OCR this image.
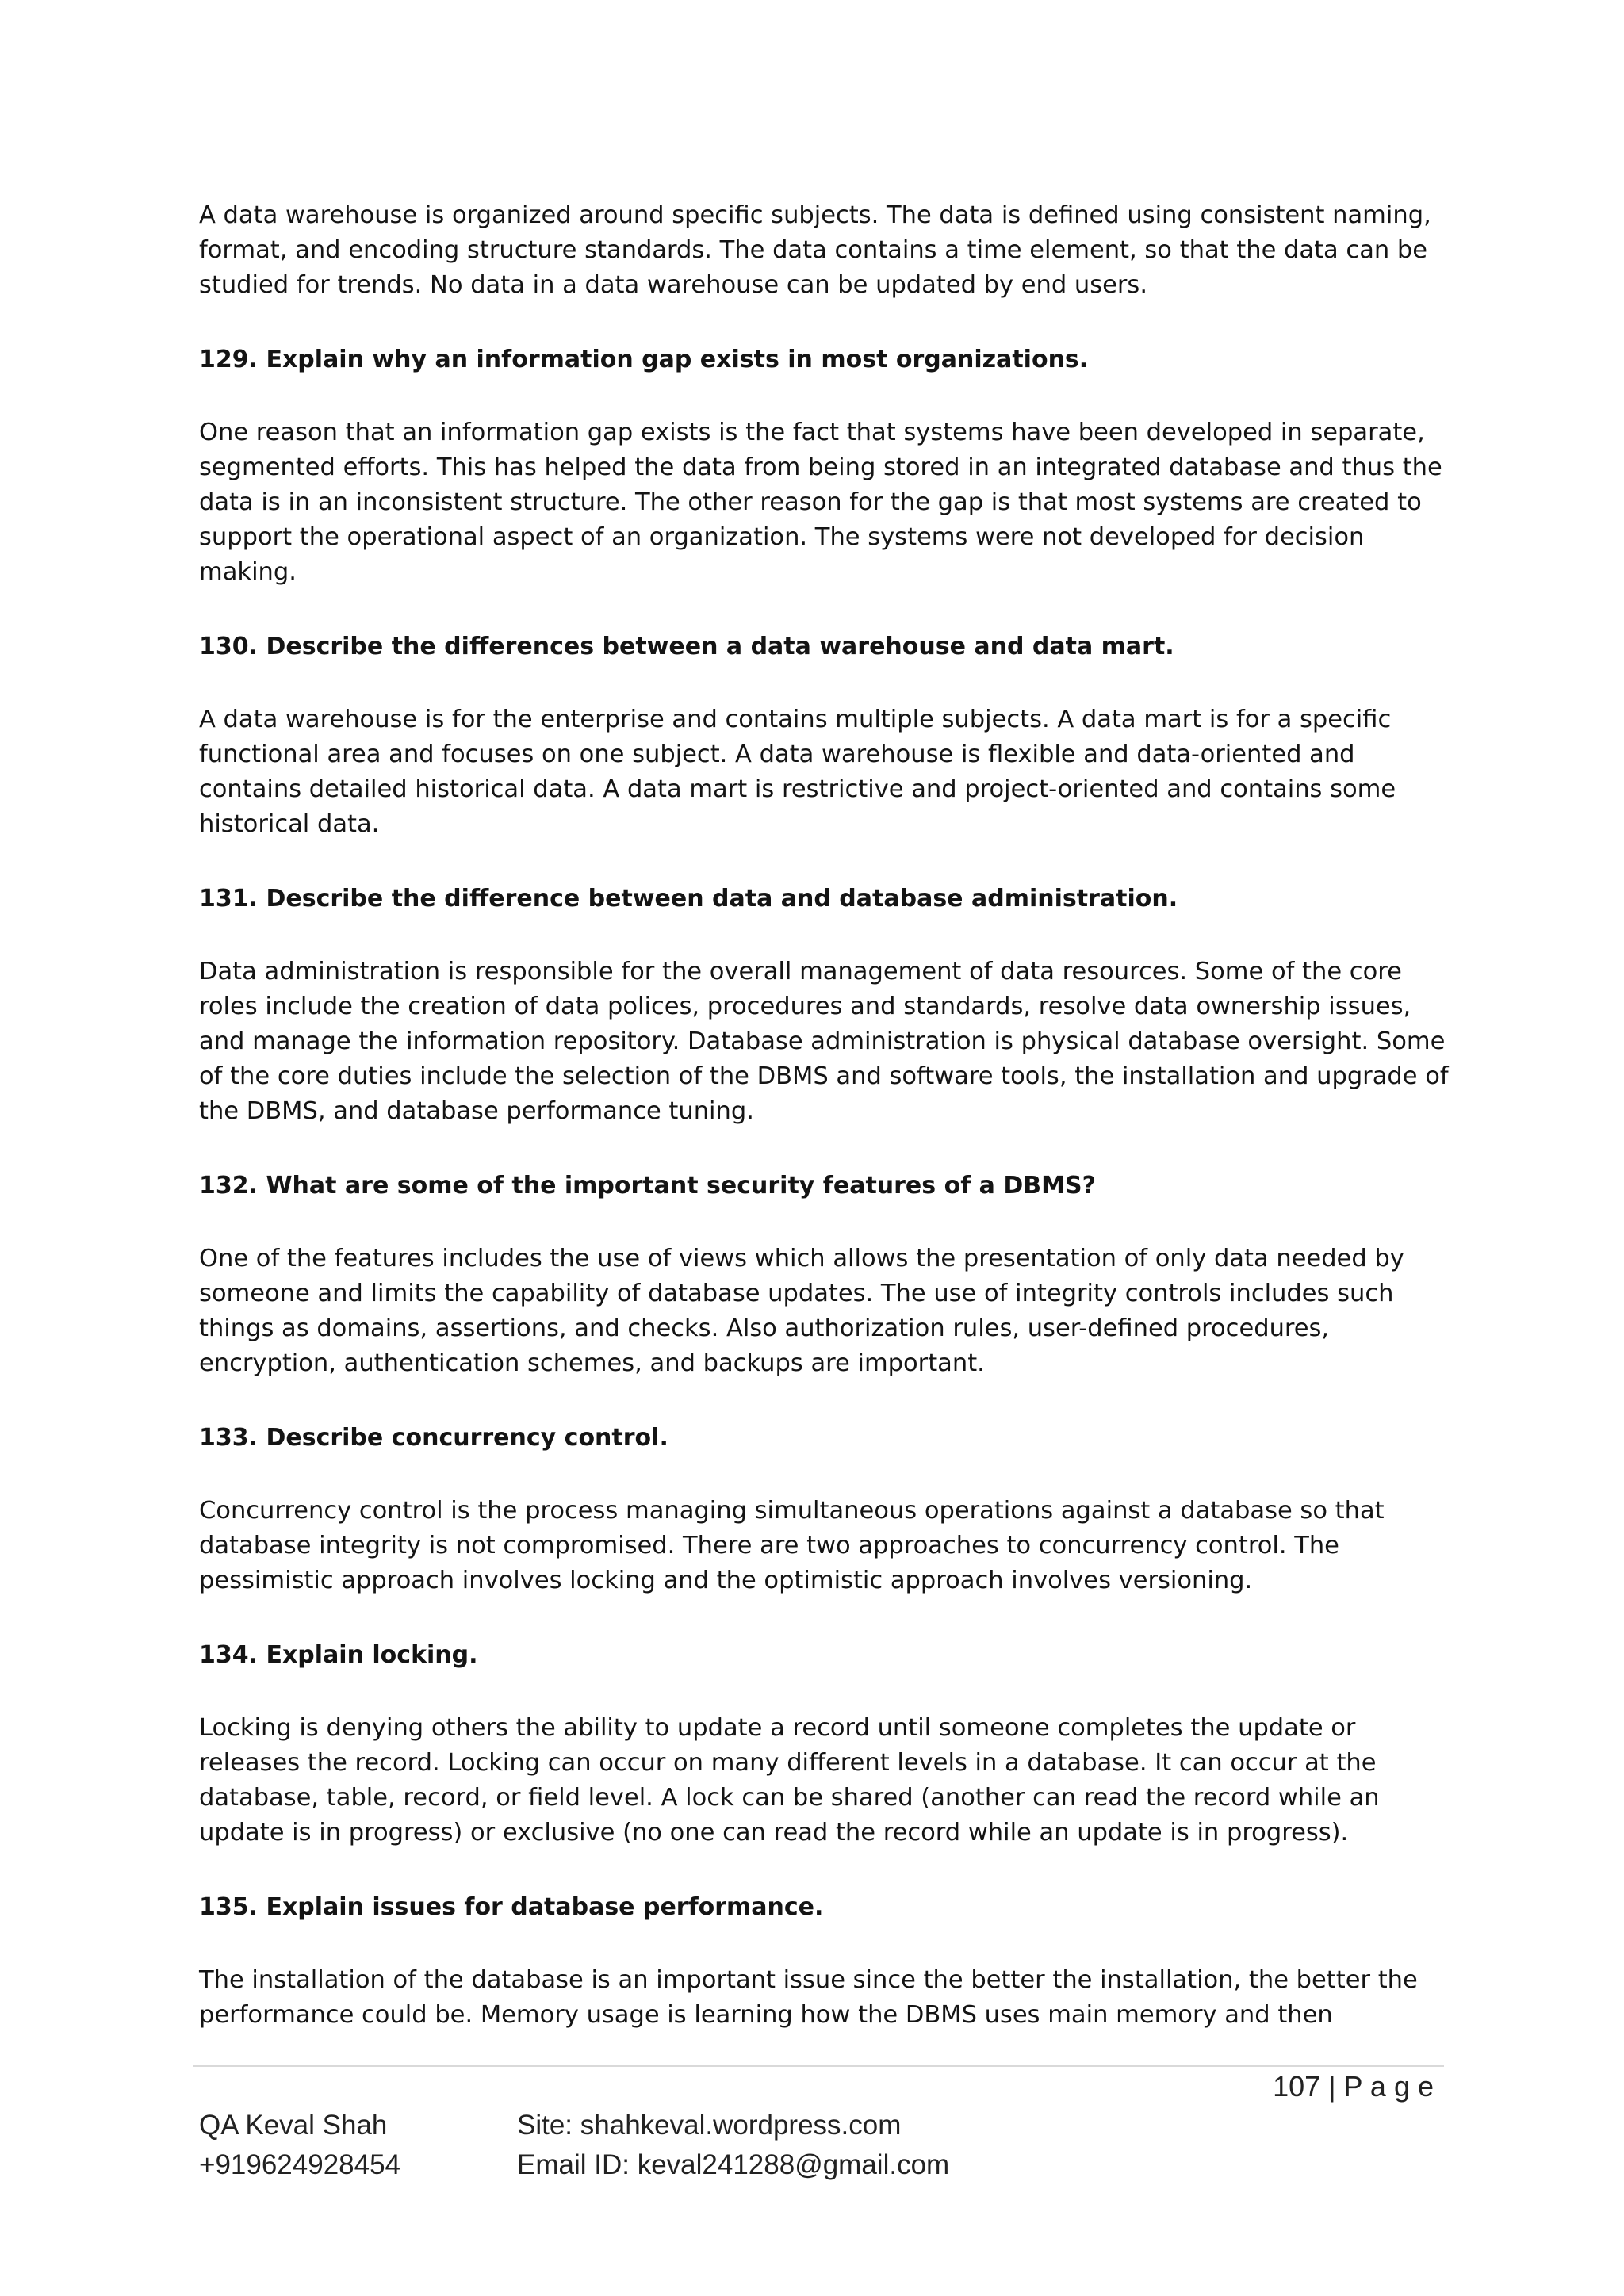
A data warehouse is organized around specific subjects. The data is defined using consistent naming, format, and encoding structure standards. The data contains a time element, so that the data can be studied for trends. No data in a data warehouse can be updated by end users.

129. Explain why an information gap exists in most organizations.

One reason that an information gap exists is the fact that systems have been developed in separate, segmented efforts. This has helped the data from being stored in an integrated database and thus the data is in an inconsistent structure. The other reason for the gap is that most systems are created to support the operational aspect of an organization. The systems were not developed for decision making.

130. Describe the differences between a data warehouse and data mart.

A data warehouse is for the enterprise and contains multiple subjects. A data mart is for a specific functional area and focuses on one subject. A data warehouse is flexible and data-oriented and contains detailed historical data. A data mart is restrictive and project-oriented and contains some historical data.

131. Describe the difference between data and database administration.

Data administration is responsible for the overall management of data resources. Some of the core roles include the creation of data polices, procedures and standards, resolve data ownership issues, and manage the information repository. Database administration is physical database oversight. Some of the core duties include the selection of the DBMS and software tools, the installation and upgrade of the DBMS, and database performance tuning.

132. What are some of the important security features of a DBMS?

One of the features includes the use of views which allows the presentation of only data needed by someone and limits the capability of database updates. The use of integrity controls includes such things as domains, assertions, and checks. Also authorization rules, user-defined procedures, encryption, authentication schemes, and backups are important.

133. Describe concurrency control.

Concurrency control is the process managing simultaneous operations against a database so that database integrity is not compromised. There are two approaches to concurrency control. The pessimistic approach involves locking and the optimistic approach involves versioning.

134. Explain locking.

Locking is denying others the ability to update a record until someone completes the update or releases the record. Locking can occur on many different levels in a database. It can occur at the database, table, record, or field level. A lock can be shared (another can read the record while an update is in progress) or exclusive (no one can read the record while an update is in progress).

135. Explain issues for database performance.

The installation of the database is an important issue since the better the installation, the better the performance could be. Memory usage is learning how the DBMS uses main memory and then

107 | P a g e
QA Keval Shah
+919624928454
Site: shahkeval.wordpress.com
Email ID: keval241288@gmail.com
